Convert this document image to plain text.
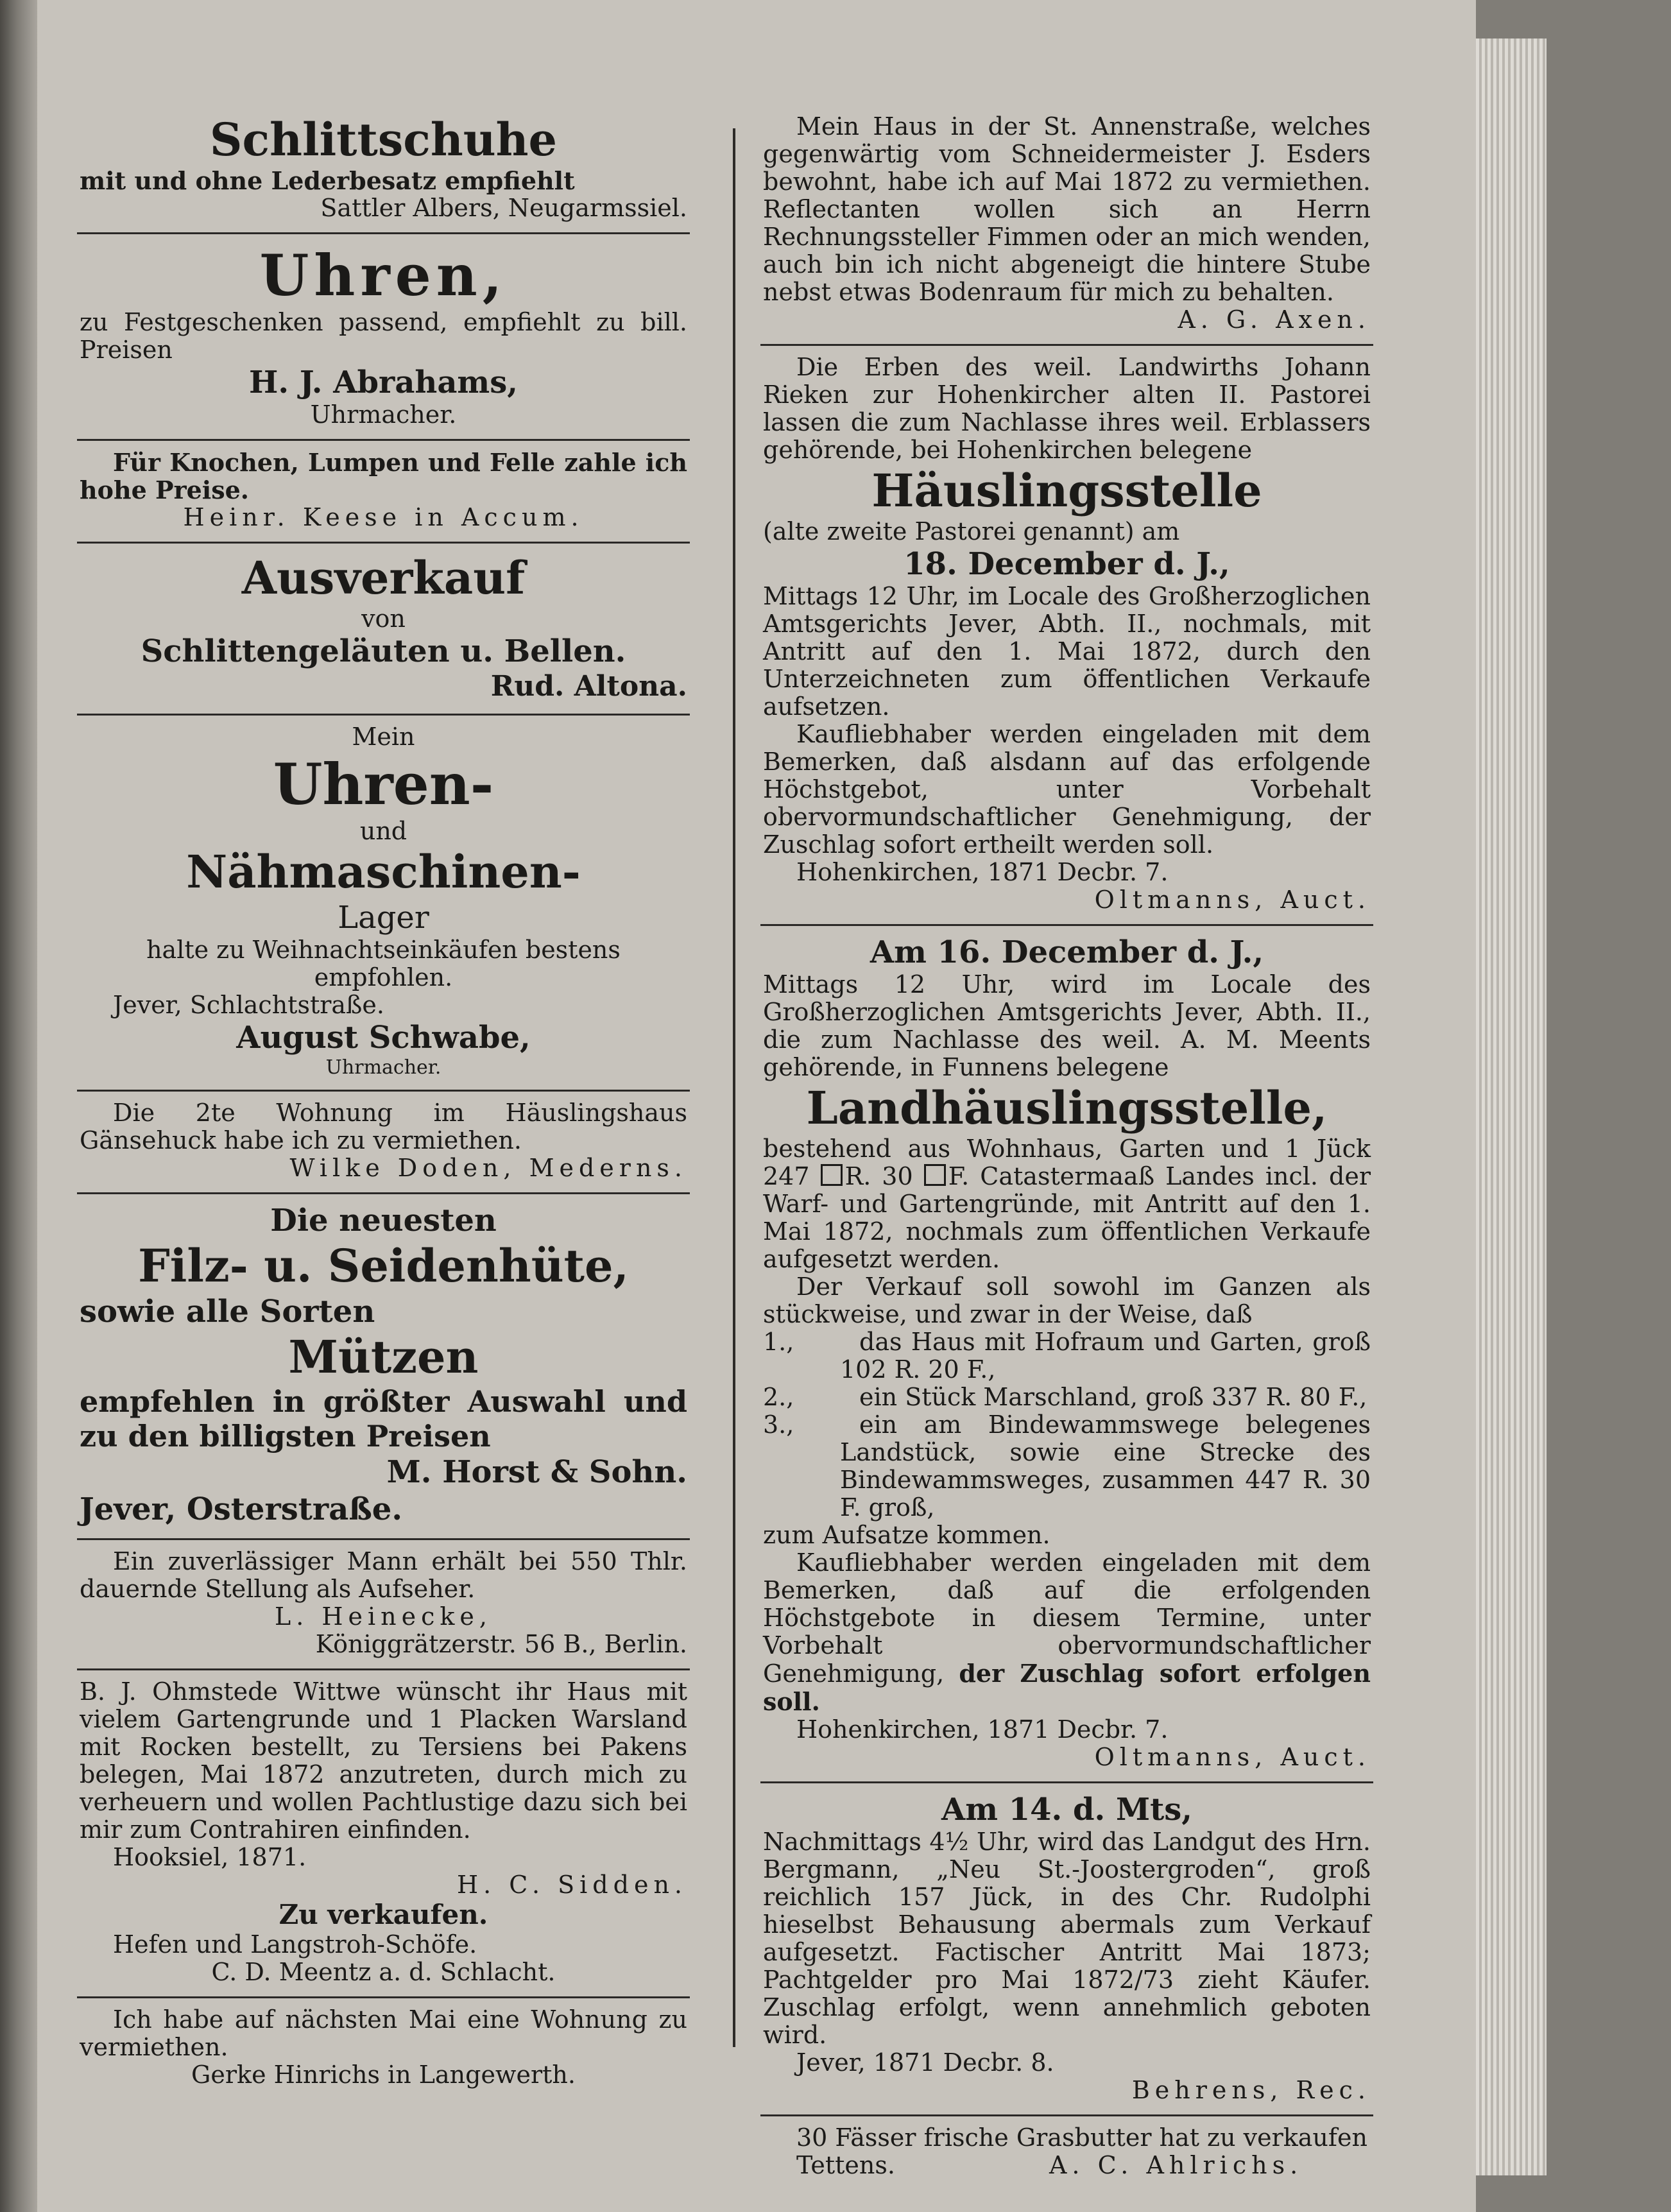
Schlittschuhe

mit und ohne Lederbesatz empfiehlt

Sattler Albers, Neugarmssiel.

Uhren,

zu Festgeschenken passend, empfiehlt zu bill. Preisen

H. J. Abrahams,

Uhrmacher.

Für Knochen, Lumpen und Felle zahle ich hohe Preise.

Heinr. Keese in Accum.

Ausverkauf

von

Schlittengeläuten u. Bellen.

Rud. Altona.

Mein

Uhren-

und

Nähmaschinen-
Lager

halte zu Weihnachtseinkäufen bestens empfohlen.

Jever, Schlachtstraße.

August Schwabe,

Uhrmacher.

Die 2te Wohnung im Häuslingshaus Gänsehuck habe ich zu vermiethen.

Wilke Doden, Mederns.

Die neuesten
Filz- u. Seidenhüte,
sowie alle Sorten
Mützen

empfehlen in größter Auswahl und zu den billigsten Preisen

M. Horst & Sohn.
Jever, Osterstraße.

Ein zuverlässiger Mann erhält bei 550 Thlr. dauernde Stellung als Aufseher.

L. Heinecke,

Königgrätzerstr. 56 B., Berlin.

B. J. Ohmstede Wittwe wünscht ihr Haus mit vielem Gartengrunde und 1 Placken Warsland mit Rocken bestellt, zu Tersiens bei Pakens belegen, Mai 1872 anzutreten, durch mich zu verheuern und wollen Pachtlustige dazu sich bei mir zum Contrahiren einfinden.

Hooksiel, 1871.

H. C. Sidden.

Zu verkaufen.

Hefen und Langstroh-Schöfe.

C. D. Meentz a. d. Schlacht.

Ich habe auf nächsten Mai eine Wohnung zu vermiethen.

Gerke Hinrichs in Langewerth.

Mein Haus in der St. Annenstraße, welches gegenwärtig vom Schneidermeister J. Esders bewohnt, habe ich auf Mai 1872 zu vermiethen. Reflectanten wollen sich an Herrn Rechnungssteller Fimmen oder an mich wenden, auch bin ich nicht abgeneigt die hintere Stube nebst etwas Bodenraum für mich zu behalten.

A. G. Axen.

Die Erben des weil. Landwirths Johann Rieken zur Hohenkircher alten II. Pastorei lassen die zum Nachlasse ihres weil. Erblassers gehörende, bei Hohenkirchen belegene

Häuslingsstelle

(alte zweite Pastorei genannt) am

18. December d. J.,

Mittags 12 Uhr, im Locale des Großherzoglichen Amtsgerichts Jever, Abth. II., nochmals, mit Antritt auf den 1. Mai 1872, durch den Unterzeichneten zum öffentlichen Verkaufe aufsetzen.

Kaufliebhaber werden eingeladen mit dem Bemerken, daß alsdann auf das erfolgende Höchstgebot, unter Vorbehalt obervormundschaftlicher Genehmigung, der Zuschlag sofort ertheilt werden soll.

Hohenkirchen, 1871 Decbr. 7.

Oltmanns, Auct.

Am 16. December d. J.,

Mittags 12 Uhr, wird im Locale des Großherzoglichen Amtsgerichts Jever, Abth. II., die zum Nachlasse des weil. A. M. Meents gehörende, in Funnens belegene

Landhäuslingsstelle,

bestehend aus Wohnhaus, Garten und 1 Jück 247 R. 30 F. Catastermaaß Landes incl. der Warf- und Gartengründe, mit Antritt auf den 1. Mai 1872, nochmals zum öffentlichen Verkaufe aufgesetzt werden.

Der Verkauf soll sowohl im Ganzen als stückweise, und zwar in der Weise, daß

1.,	das Haus mit Hofraum und Garten, groß 102 R. 20 F.,

2.,	ein Stück Marschland, groß 337 R. 80 F.,

3.,	ein am Bindewammswege belegenes Landstück, sowie eine Strecke des Bindewammsweges, zusammen 447 R. 30 F. groß,

zum Aufsatze kommen.

Kaufliebhaber werden eingeladen mit dem Bemerken, daß auf die erfolgenden Höchstgebote in diesem Termine, unter Vorbehalt obervormundschaftlicher Genehmigung, der Zuschlag sofort erfolgen soll.

Hohenkirchen, 1871 Decbr. 7.

Oltmanns, Auct.

Am 14. d. Mts,

Nachmittags 4½ Uhr, wird das Landgut des Hrn. Bergmann, „Neu St.-Joostergroden“, groß reichlich 157 Jück, in des Chr. Rudolphi hieselbst Behausung abermals zum Verkauf aufgesetzt. Factischer Antritt Mai 1873; Pachtgelder pro Mai 1872/73 zieht Käufer. Zuschlag erfolgt, wenn annehmlich geboten wird.

Jever, 1871 Decbr. 8.

Behrens, Rec.

30 Fässer frische Grasbutter hat zu verkaufen

Tettens.	A. C. Ahlrichs.
